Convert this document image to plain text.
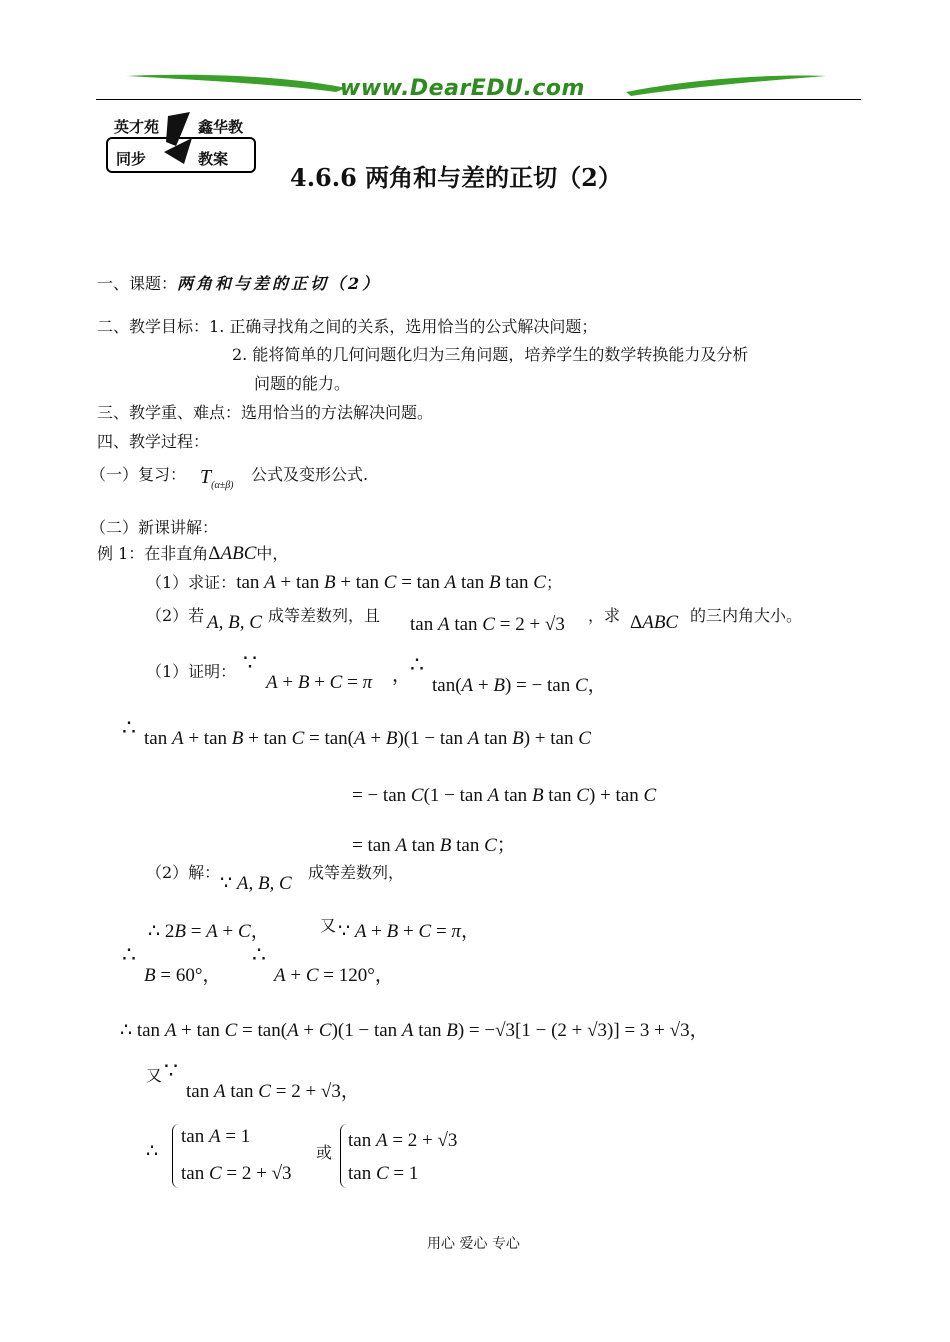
www.DearEDU.com
英才苑	鑫华教
同步	教案
4.6.6 两角和与差的正切（2）
一、课题：两角和与差的正切（2）
二、教学目标：1. 正确寻找角之间的关系，选用恰当的公式解决问题；
2. 能将简单的几何问题化归为三角问题，培养学生的数学转换能力及分析
问题的能力。
三、教学重、难点：选用恰当的方法解决问题。
四、教学过程：
（一）复习： $T_{(\alpha\pm\beta)}$
公式及变形公式.
（二）新课讲解：
例 1：在非直角ΔABC中，
（1）求证：tan A + tan B + tan C = tan A tan B tan C；
（2）若 A, B, C 成等差数列，且 tan A tan C = 2 + √3 ，求 ΔABC 的三内角大小。
（1）证明： ∵
A + B + C = π ，
∴
tan(A + B) = − tan C，
∴ tan A + tan B + tan C = tan(A + B)(1 − tan A tan B) + tan C
= − tan C(1 − tan A tan B tan C) + tan C
= tan A tan B tan C；
（2）解：
∵ A, B, C
成等差数列，
∴ 2B = A + C，	又 ∵ A + B + C = π，
∴
B = 60°，
∴
A + C = 120°，
∴ tan A + tan C = tan(A + C)(1 − tan A tan B) = −√3[1 − (2 + √3)] = 3 + √3，
又 ∵
tan A tan C = 2 + √3，
∴
tan A = 1
tan C = 2 + √3
或
tan A = 2 + √3
tan C = 1
用心 爱心 专心
